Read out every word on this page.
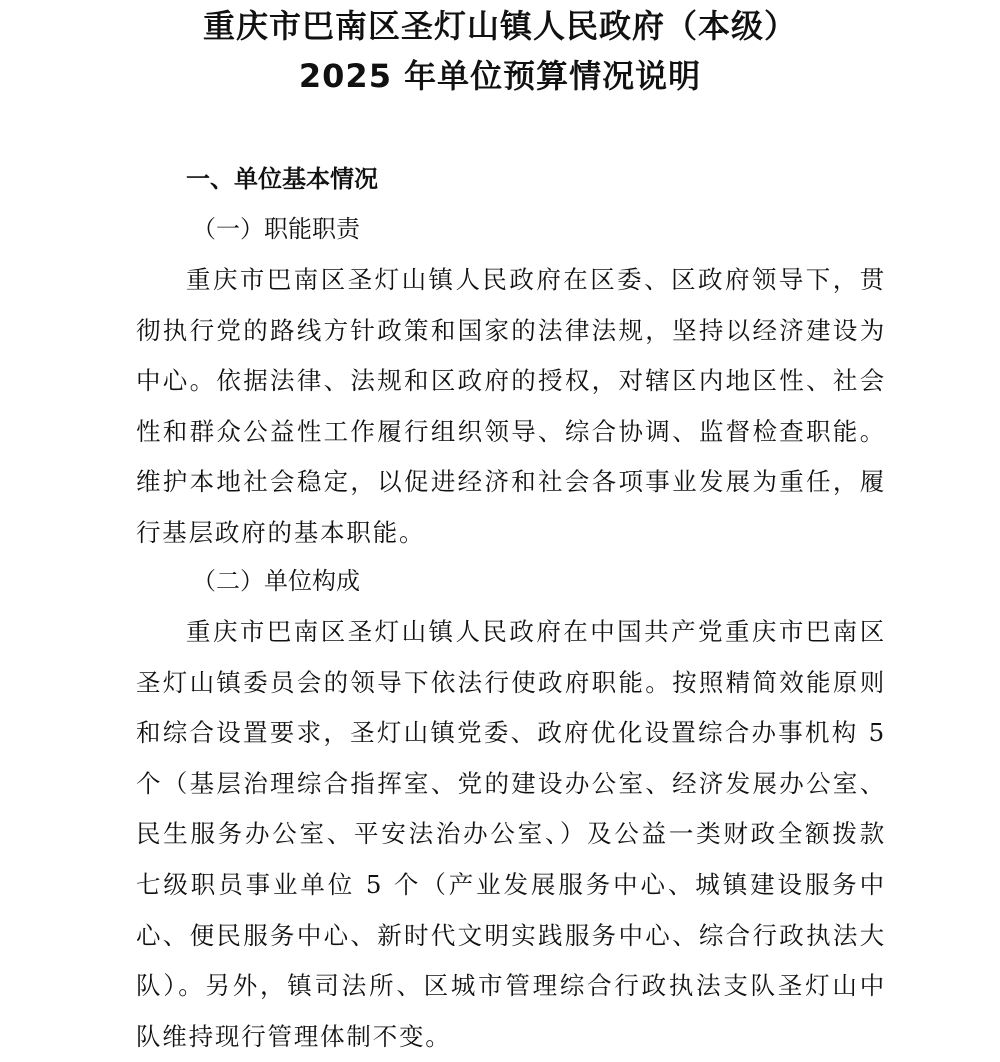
重庆市巴南区圣灯山镇人民政府（本级）
2025 年单位预算情况说明
一、单位基本情况
（一）职能职责

重庆市巴南区圣灯山镇人民政府在区委、区政府领导下，贯彻执行党的路线方针政策和国家的法律法规，坚持以经济建设为中心。依据法律、法规和区政府的授权，对辖区内地区性、社会性和群众公益性工作履行组织领导、综合协调、监督检查职能。维护本地社会稳定，以促进经济和社会各项事业发展为重任，履行基层政府的基本职能。

（二）单位构成

重庆市巴南区圣灯山镇人民政府在中国共产党重庆市巴南区圣灯山镇委员会的领导下依法行使政府职能。按照精简效能原则和综合设置要求，圣灯山镇党委、政府优化设置综合办事机构 5 个（基层治理综合指挥室、党的建设办公室、经济发展办公室、民生服务办公室、平安法治办公室、）及公益一类财政全额拨款七级职员事业单位 5 个（产业发展服务中心、城镇建设服务中心、便民服务中心、新时代文明实践服务中心、综合行政执法大队）。另外，镇司法所、区城市管理综合行政执法支队圣灯山中队维持现行管理体制不变。
